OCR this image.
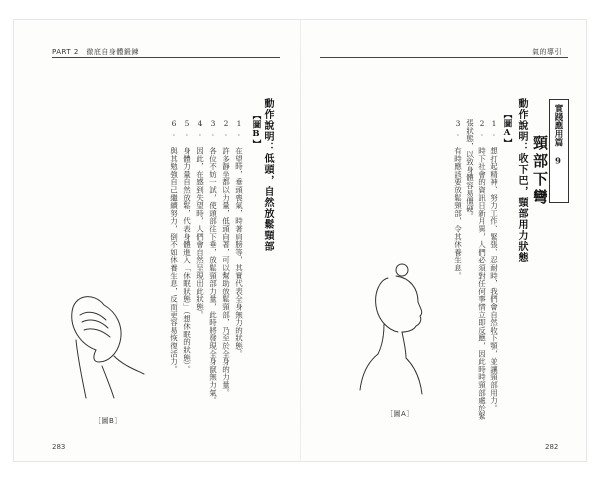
PART 2　徹底自身體鍛鍊
動作說明：低頭，自然放鬆頸部
【圖B】
1. 在望時，垂頭喪氣，時著肩膀等，其實代表全身無力的狀態。
2. 許多靜坐都以力量，低頭向著，可以幫助放鬆頸部，乃至於全身的力量。
3. 各位不妨一試，使頭部往下垂，放鬆頸部力量，此時將發現全身竄無力氣。
4. 因此，在感到失望時，人們會自然呈現出此狀態。
5. 身體力量自然放鬆，代表身體進入「休眠狀態」（想休眠的狀態）。
6. 與其勉強自己繼續努力，倒不如休養生息，反而更容易恢復活力。
［圖B］
283
氣的導引
實踐應用篇 9
頸部下彎
動作說明：收下巴，頸部用力狀態
【圖A】
1. 想打起精神、努力工作、緊張、忍耐時，我們會自然收下顎，並讓頸部用力。
2. 時下社會的資訊日新月異，人們必須對任何事情立即反應，因此時時頸部處於緊
張狀態，以致身體容易僵硬。
3. 有時應該要放鬆頸部，令其休養生息。
［圖A］
282
